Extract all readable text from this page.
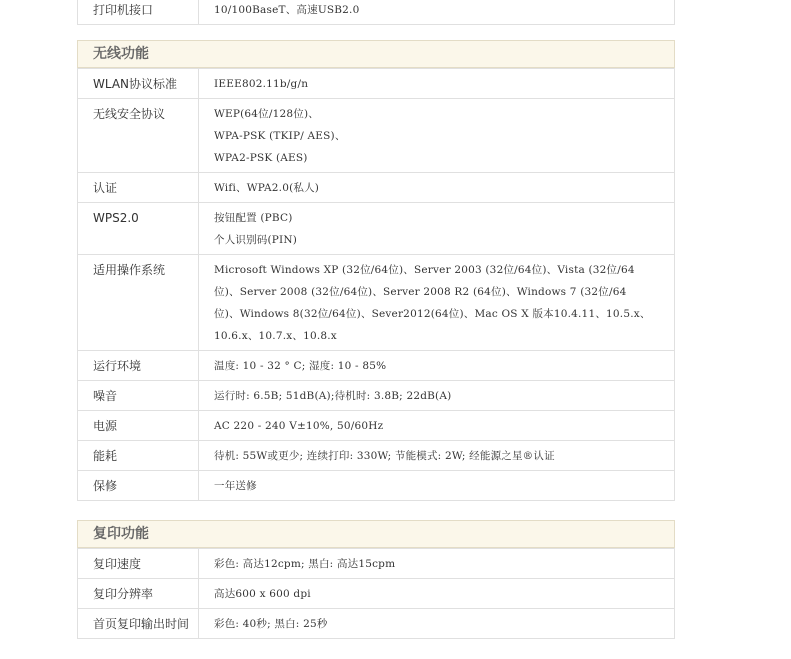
打印机接口	10/100BaseT、高速USB2.0
无线功能
WLAN协议标准	IEEE802.11b/g/n

无线安全协议	WEP(64位/128位)、
WPA-PSK (TKIP/ AES)、
WPA2-PSK (AES)

认证	Wifi、WPA2.0(私人)

WPS2.0	按钮配置 (PBC)
个人识别码(PIN)

适用操作系统	Microsoft Windows XP (32位/64位)、Server 2003 (32位/64位)、Vista (32位/64
位)、Server 2008 (32位/64位)、Server 2008 R2 (64位)、Windows 7 (32位/64
位)、Windows 8(32位/64位)、Sever2012(64位)、Mac OS X 版本10.4.11、10.5.x、
10.6.x、10.7.x、10.8.x

运行环境	温度: 10 - 32 ° C; 湿度: 10 - 85%

噪音	运行时: 6.5B; 51dB(A);待机时: 3.8B; 22dB(A)

电源	AC 220 - 240 V±10%, 50/60Hz

能耗	待机: 55W或更少; 连续打印: 330W; 节能模式: 2W; 经能源之星®认证

保修	一年送修
复印功能
复印速度	彩色: 高达12cpm; 黑白: 高达15cpm

复印分辨率	高达600 x 600 dpi

首页复印输出时间	彩色: 40秒; 黑白: 25秒
